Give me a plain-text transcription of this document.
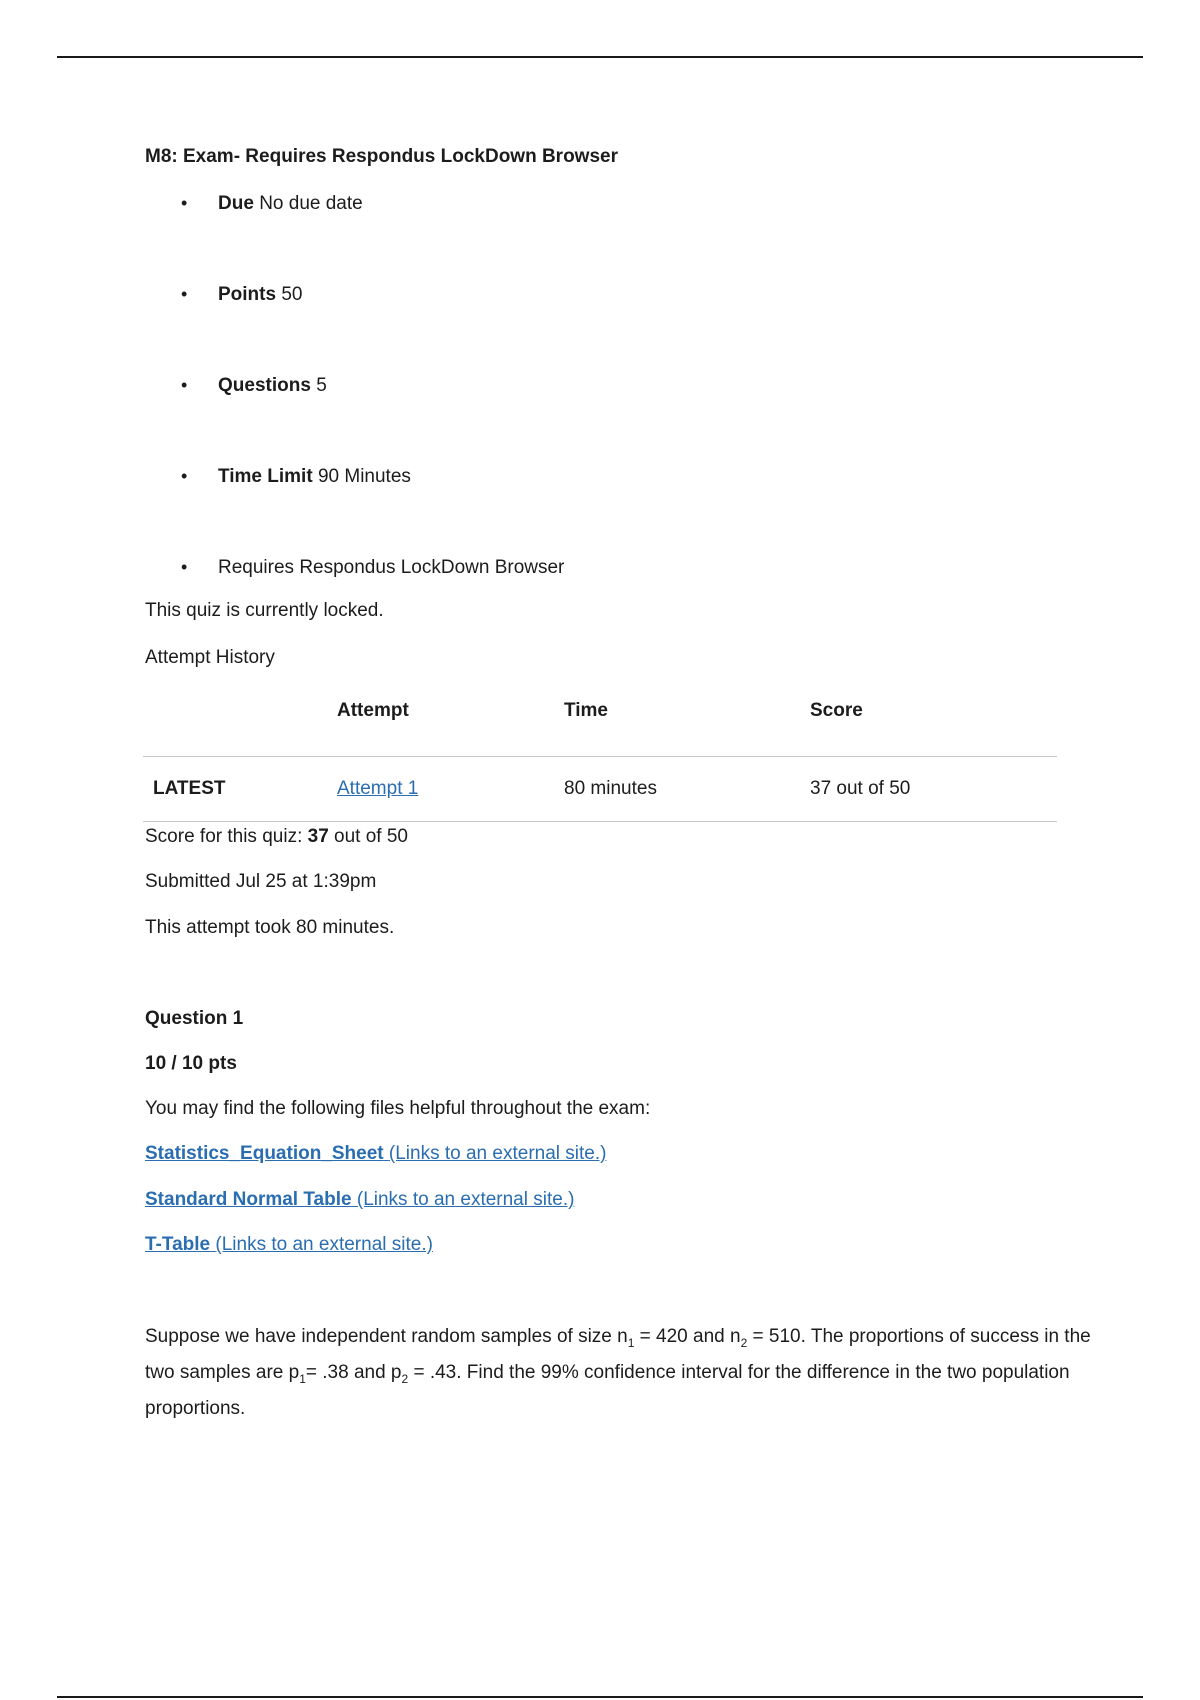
M8: Exam- Requires Respondus LockDown Browser
• Due No due date
• Points 50
• Questions 5
• Time Limit 90 Minutes
• Requires Respondus LockDown Browser
This quiz is currently locked.
Attempt History
	Attempt	Time	Score
LATEST	Attempt 1	80 minutes	37 out of 50
Score for this quiz: 37 out of 50
Submitted Jul 25 at 1:39pm
This attempt took 80 minutes.
Question 1
10 / 10 pts
You may find the following files helpful throughout the exam:
Statistics_Equation_Sheet (Links to an external site.)
Standard Normal Table (Links to an external site.)
T-Table (Links to an external site.)
Suppose we have independent random samples of size $n_1 = 420$ and $n_2 = 510$. The proportions of success in the two samples are $p_1= .38$ and $p_2 = .43$. Find the 99% confidence interval for the difference in the two population proportions.
